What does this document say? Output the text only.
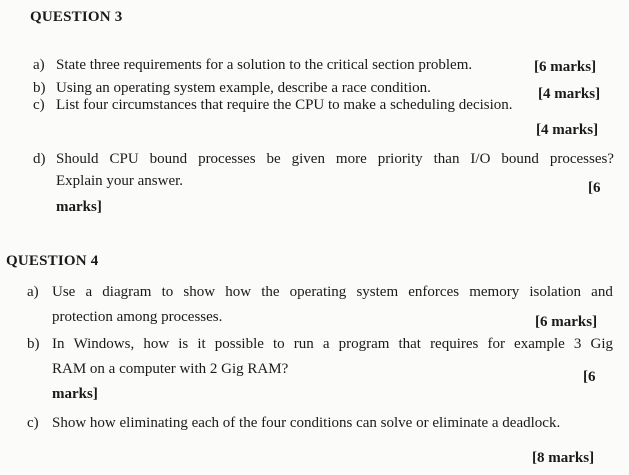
QUESTION 3
a) State three requirements for a solution to the critical section problem.	[6 marks]
b) Using an operating system example, describe a race condition.	[4 marks]
c) List four circumstances that require the CPU to make a scheduling decision.
[4 marks]
d) Should CPU bound processes be given more priority than I/O bound processes?
Explain your answer.	[6
marks]
QUESTION 4
a) Use a diagram to show how the operating system enforces memory isolation and
protection among processes.	[6 marks]
b) In Windows, how is it possible to run a program that requires for example 3 Gig
RAM on a computer with 2 Gig RAM?	[6
marks]
c) Show how eliminating each of the four conditions can solve or eliminate a deadlock.
[8 marks]
